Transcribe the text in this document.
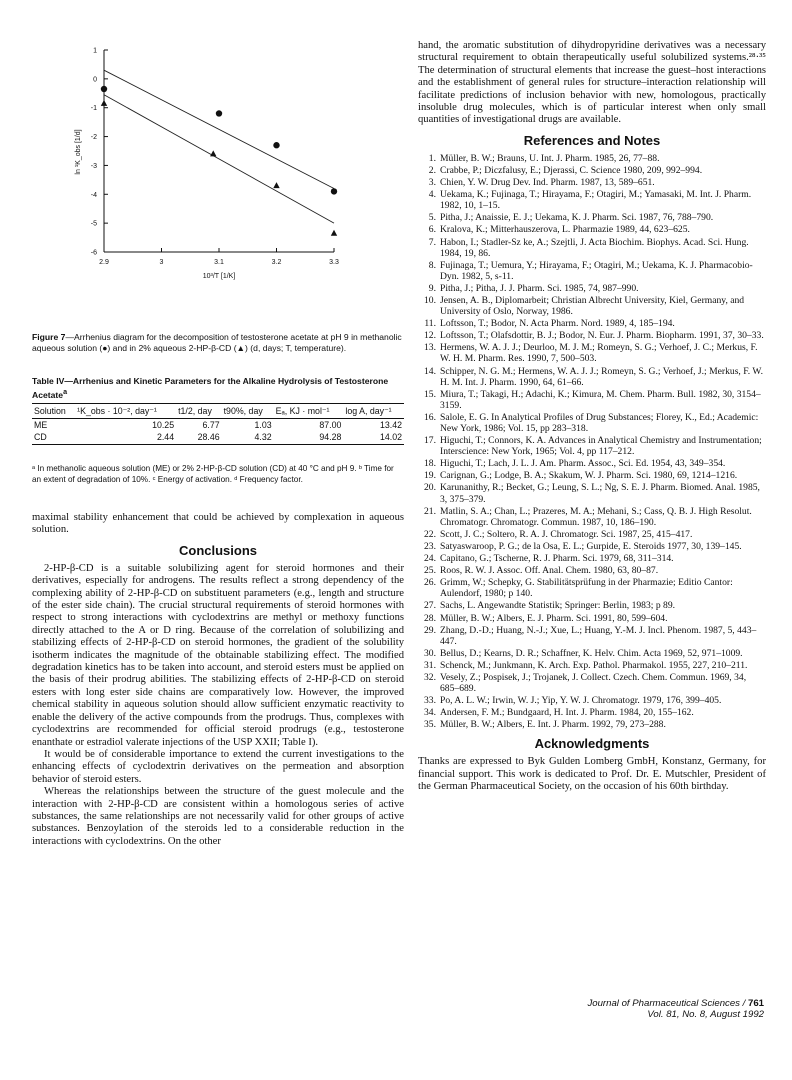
2.9	3	3.1	3.2	3.3
1
0
-1
-2
-3
-4
-5
-6
10³/T [1/K]
ln ¹K_obs [1/d]
Figure 7—Arrhenius diagram for the decomposition of testosterone acetate at pH 9 in methanolic aqueous solution (●) and in 2% aqueous 2-HP-β-CD (▲) (d, days; T, temperature).
Table IV—Arrhenius and Kinetic Parameters for the Alkaline Hydrolysis of Testosterone Acetate$^a$
Solution	¹K_obs · 10⁻², day⁻¹	t1/2, day	t90%, day	Eₐ, KJ · mol⁻¹	log A, day⁻¹
ME	10.25	6.77	1.03	87.00	13.42
CD	2.44	28.46	4.32	94.28	14.02
ᵃ In methanolic aqueous solution (ME) or 2% 2-HP-β-CD solution (CD) at 40 °C and pH 9. ᵇ Time for an extent of degradation of 10%. ᶜ Energy of activation. ᵈ Frequency factor.

maximal stability enhancement that could be achieved by complexation in aqueous solution.

Conclusions

2-HP-β-CD is a suitable solubilizing agent for steroid hormones and their derivatives, especially for androgens. The results reflect a strong dependency of the complexing ability of 2-HP-β-CD on substituent parameters (e.g., length and structure of the ester side chain). The crucial structural requirements of steroid hormones with respect to strong interactions with cyclodextrins are methyl or methoxy functions directly attached to the A or D ring. Because of the correlation of solubilizing and stabilizing effects of 2-HP-β-CD on steroid hormones, the gradient of the solubility isotherm indicates the magnitude of the obtainable stabilizing effect. The modified degradation kinetics has to be taken into account, and steroid esters must be applied on the basis of their prodrug abilities. The stabilizing effects of 2-HP-β-CD on steroid esters with long ester side chains are comparatively low. However, the improved chemical stability in aqueous solution should allow sufficient enzymatic reactivity to enable the delivery of the active compounds from the prodrugs. Thus, complexes with cyclodextrins are recommended for official steroid prodrugs (e.g., testosterone enanthate or estradiol valerate injections of the USP XXII; Table I).

It would be of considerable importance to extend the current investigations to the enhancing effects of cyclodextrin derivatives on the permeation and absorption behavior of steroid esters.

Whereas the relationships between the structure of the guest molecule and the interaction with 2-HP-β-CD are consistent within a homologous series of active substances, the same relationships are not necessarily valid for other groups of active substances. Benzoylation of the steroids led to a considerable reduction in the interactions with cyclodextrins. On the other

hand, the aromatic substitution of dihydropyridine derivatives was a necessary structural requirement to obtain therapeutically useful solubilized systems.²⁸·³⁵ The determination of structural elements that increase the guest–host interactions and the establishment of general rules for structure–interaction relationship will facilitate predictions of inclusion behavior with new, homologous, practically insoluble drug molecules, which is of particular interest when only small quantities of investigational drugs are available.

References and Notes
1. Müller, B. W.; Brauns, U. Int. J. Pharm. 1985, 26, 77–88.
2. Crabbe, P.; Diczfalusy, E.; Djerassi, C. Science 1980, 209, 992–994.
3. Chien, Y. W. Drug Dev. Ind. Pharm. 1987, 13, 589–651.
4. Uekama, K.; Fujinaga, T.; Hirayama, F.; Otagiri, M.; Yamasaki, M. Int. J. Pharm. 1982, 10, 1–15.
5. Pitha, J.; Anaissie, E. J.; Uekama, K. J. Pharm. Sci. 1987, 76, 788–790.
6. Kralova, K.; Mitterhauszerova, L. Pharmazie 1989, 44, 623–625.
7. Habon, I.; Stadler-Sz ke, A.; Szejtli, J. Acta Biochim. Biophys. Acad. Sci. Hung. 1984, 19, 86.
8. Fujinaga, T.; Uemura, Y.; Hirayama, F.; Otagiri, M.; Uekama, K. J. Pharmacobio-Dyn. 1982, 5, s-11.
9. Pitha, J.; Pitha, J. J. Pharm. Sci. 1985, 74, 987–990.
10. Jensen, A. B., Diplomarbeit; Christian Albrecht University, Kiel, Germany, and University of Oslo, Norway, 1986.
11. Loftsson, T.; Bodor, N. Acta Pharm. Nord. 1989, 4, 185–194.
12. Loftsson, T.; Olafsdottir, B. J.; Bodor, N. Eur. J. Pharm. Biopharm. 1991, 37, 30–33.
13. Hermens, W. A. J. J.; Deurloo, M. J. M.; Romeyn, S. G.; Verhoef, J. C.; Merkus, F. W. H. M. Pharm. Res. 1990, 7, 500–503.
14. Schipper, N. G. M.; Hermens, W. A. J. J.; Romeyn, S. G.; Verhoef, J.; Merkus, F. W. H. M. Int. J. Pharm. 1990, 64, 61–66.
15. Miura, T.; Takagi, H.; Adachi, K.; Kimura, M. Chem. Pharm. Bull. 1982, 30, 3154–3159.
16. Salole, E. G. In Analytical Profiles of Drug Substances; Florey, K., Ed.; Academic: New York, 1986; Vol. 15, pp 283–318.
17. Higuchi, T.; Connors, K. A. Advances in Analytical Chemistry and Instrumentation; Interscience: New York, 1965; Vol. 4, pp 117–212.
18. Higuchi, T.; Lach, J. L. J. Am. Pharm. Assoc., Sci. Ed. 1954, 43, 349–354.
19. Carignan, G.; Lodge, B. A.; Skakum, W. J. Pharm. Sci. 1980, 69, 1214–1216.
20. Karunanithy, R.; Becket, G.; Leung, S. L.; Ng, S. E. J. Pharm. Biomed. Anal. 1985, 3, 375–379.
21. Matlin, S. A.; Chan, L.; Prazeres, M. A.; Mehani, S.; Cass, Q. B. J. High Resolut. Chromatogr. Chromatogr. Commun. 1987, 10, 186–190.
22. Scott, J. C.; Soltero, R. A. J. Chromatogr. Sci. 1987, 25, 415–417.
23. Satyaswaroop, P. G.; de la Osa, E. L.; Gurpide, E. Steroids 1977, 30, 139–145.
24. Capitano, G.; Tscherne, R. J. Pharm. Sci. 1979, 68, 311–314.
25. Roos, R. W. J. Assoc. Off. Anal. Chem. 1980, 63, 80–87.
26. Grimm, W.; Schepky, G. Stabilitätsprüfung in der Pharmazie; Editio Cantor: Aulendorf, 1980; p 140.
27. Sachs, L. Angewandte Statistik; Springer: Berlin, 1983; p 89.
28. Müller, B. W.; Albers, E. J. Pharm. Sci. 1991, 80, 599–604.
29. Zhang, D.-D.; Huang, N.-J.; Xue, L.; Huang, Y.-M. J. Incl. Phenom. 1987, 5, 443–447.
30. Bellus, D.; Kearns, D. R.; Schaffner, K. Helv. Chim. Acta 1969, 52, 971–1009.
31. Schenck, M.; Junkmann, K. Arch. Exp. Pathol. Pharmakol. 1955, 227, 210–211.
32. Vesely, Z.; Pospisek, J.; Trojanek, J. Collect. Czech. Chem. Commun. 1969, 34, 685–689.
33. Po, A. L. W.; Irwin, W. J.; Yip, Y. W. J. Chromatogr. 1979, 176, 399–405.
34. Andersen, F. M.; Bundgaard, H. Int. J. Pharm. 1984, 20, 155–162.
35. Müller, B. W.; Albers, E. Int. J. Pharm. 1992, 79, 273–288.
Acknowledgments

Thanks are expressed to Byk Gulden Lomberg GmbH, Konstanz, Germany, for financial support. This work is dedicated to Prof. Dr. E. Mutschler, President of the German Pharmaceutical Society, on the occasion of his 60th birthday.

Journal of Pharmaceutical Sciences / 761
Vol. 81, No. 8, August 1992
